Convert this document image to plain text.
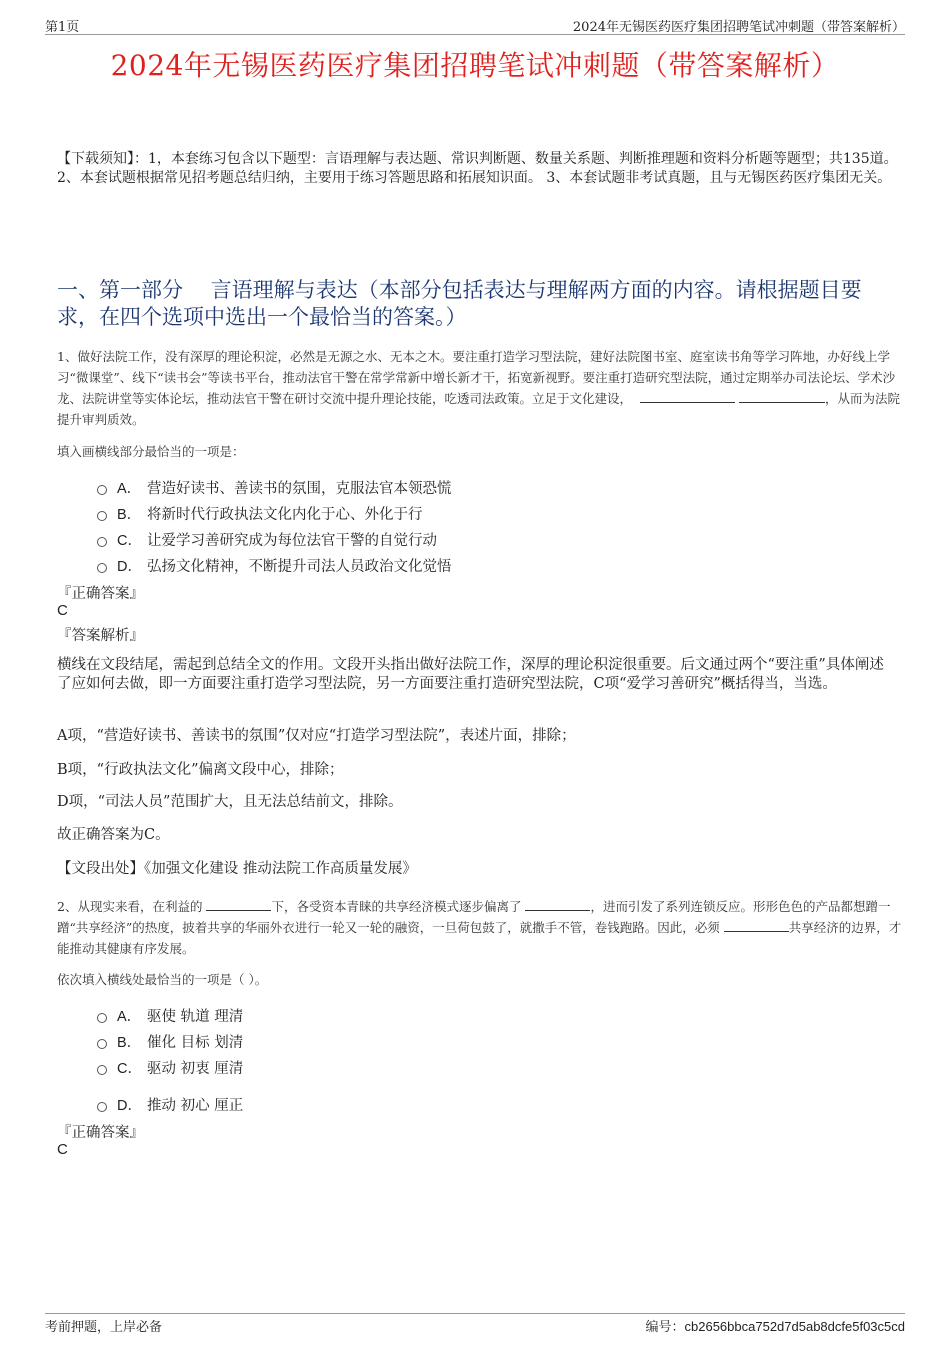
第1页	2024年无锡医药医疗集团招聘笔试冲刺题（带答案解析）
2024年无锡医药医疗集团招聘笔试冲刺题（带答案解析）
【下载须知】：1，本套练习包含以下题型：言语理解与表达题、常识判断题、数量关系题、判断推理题和资料分析题等题型；共135道。 2、本套试题根据常见招考题总结归纳，主要用于练习答题思路和拓展知识面。 3、本套试题非考试真题，且与无锡医药医疗集团无关。
一、第一部分　 言语理解与表达（本部分包括表达与理解两方面的内容。请根据题目要求，在四个选项中选出一个最恰当的答案。）
1、做好法院工作，没有深厚的理论积淀，必然是无源之水、无本之木。要注重打造学习型法院，建好法院图书室、庭室读书角等学习阵地，办好线上学习“微课堂”、线下“读书会”等读书平台，推动法官干警在常学常新中增长新才干，拓宽新视野。要注重打造研究型法院，通过定期举办司法论坛、学术沙龙、法院讲堂等实体论坛，推动法官干警在研讨交流中提升理论技能，吃透司法政策。立足于文化建设，	，从而为法院提升审判质效。
填入画横线部分最恰当的一项是：
A． 营造好读书、善读书的氛围，克服法官本领恐慌
B． 将新时代行政执法文化内化于心、外化于行
C． 让爱学习善研究成为每位法官干警的自觉行动
D． 弘扬文化精神，不断提升司法人员政治文化觉悟
『正确答案』
C
『答案解析』
横线在文段结尾，需起到总结全文的作用。文段开头指出做好法院工作，深厚的理论积淀很重要。后文通过两个“要注重”具体阐述了应如何去做，即一方面要注重打造学习型法院，另一方面要注重打造研究型法院，C项“爱学习善研究”概括得当，当选。
A项，“营造好读书、善读书的氛围”仅对应“打造学习型法院”，表述片面，排除；
B项，“行政执法文化”偏离文段中心，排除；
D项，“司法人员”范围扩大，且无法总结前文，排除。
故正确答案为C。
【文段出处】《加强文化建设 推动法院工作高质量发展》
2、从现实来看，在利益的	下，各受资本青睐的共享经济模式逐步偏离了	，进而引发了系列连锁反应。形形色色的产品都想蹭一蹭“共享经济”的热度，披着共享的华丽外衣进行一轮又一轮的融资，一旦荷包鼓了，就撒手不管，卷钱跑路。因此，必须	共享经济的边界，才能推动其健康有序发展。
依次填入横线处最恰当的一项是（ ）。
A． 驱使 轨道 理清
B． 催化 目标 划清
C． 驱动 初衷 厘清
D． 推动 初心 厘正
『正确答案』
C
考前押题，上岸必备	编号：cb2656bbca752d7d5ab8dcfe5f03c5cd
